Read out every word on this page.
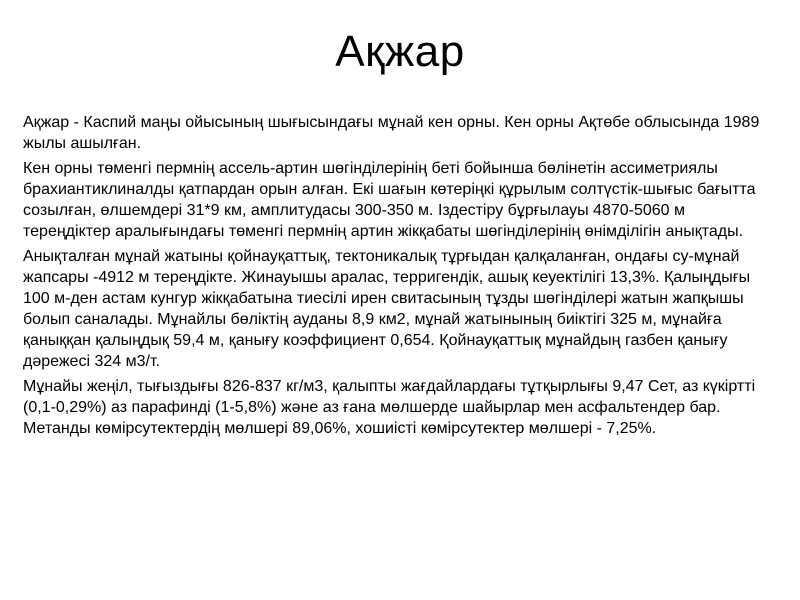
Ақжар

Ақжар - Каспий маңы ойысының шығысындағы мұнай кен орны. Кен орны Ақтөбе облысында 1989 жылы ашылған.

Кен орны төменгі пермнің ассель-артин шөгінділерінің беті бойынша бөлінетін ассиметриялы брахиантиклиналды қатпардан орын алған. Екі шағын көтеріңкі құрылым солтүстік-шығыс бағытта созылған, өлшемдері 31*9 км, амплитудасы 300-350 м. Іздестіру бұрғылауы 4870-5060 м тереңдіктер аралығындағы төменгі пермнің артин жікқабаты шөгінділерінің өнімділігін анықтады.

Анықталған мұнай жатыны қойнауқаттық, тектоникалық тұрғыдан қалқаланған, ондағы су-мұнай жапсары -4912 м тереңдікте. Жинауышы аралас, терригендік, ашық кеуектілігі 13,3%. Қалыңдығы 100 м-ден астам кунгур жікқабатына тиесілі ирен свитасының тұзды шөгінділері жатын жапқышы болып саналады. Мұнайлы бөліктің ауданы 8,9 км2, мұнай жатынының биіктігі 325 м, мұнайға қаныққан қалыңдық 59,4 м, қанығу коэффициент 0,654. Қойнауқаттық мұнайдың газбен қанығу дәрежесі 324 м3/т.

Мұнайы жеңіл, тығыздығы 826-837 кг/м3, қалыпты жағдайлардағы тұтқырлығы 9,47 Сет, аз күкіртті (0,1-0,29%) аз парафинді (1-5,8%) және аз ғана мөлшерде шайырлар мен асфальтендер бар. Метанды көмірсутектердің мөлшері 89,06%, хошиісті көмірсутектер мөлшері - 7,25%.
